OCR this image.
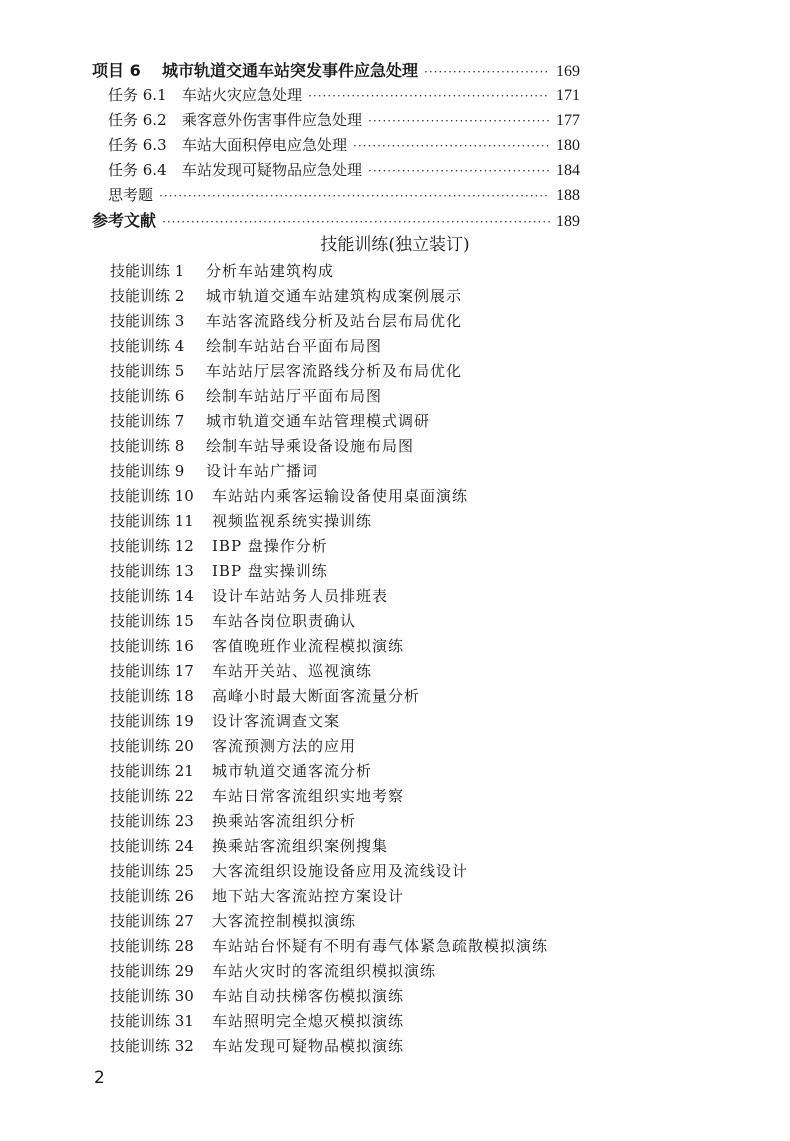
项目 6	城市轨道交通车站突发事件应急处理 ·····	169
任务 6.1	车站火灾应急处理 ·····	171
任务 6.2	乘客意外伤害事件应急处理 ·····	177
任务 6.3	车站大面积停电应急处理 ·····	180
任务 6.4	车站发现可疑物品应急处理 ·····	184
思考题 ·····	188
参考文献 ·····	189
技能训练(独立装订)
技能训练 1 分析车站建筑构成
技能训练 2 城市轨道交通车站建筑构成案例展示
技能训练 3 车站客流路线分析及站台层布局优化
技能训练 4 绘制车站站台平面布局图
技能训练 5 车站站厅层客流路线分析及布局优化
技能训练 6 绘制车站站厅平面布局图
技能训练 7 城市轨道交通车站管理模式调研
技能训练 8 绘制车站导乘设备设施布局图
技能训练 9 设计车站广播词
技能训练 10 车站站内乘客运输设备使用桌面演练
技能训练 11 视频监视系统实操训练
技能训练 12 IBP 盘操作分析
技能训练 13 IBP 盘实操训练
技能训练 14 设计车站站务人员排班表
技能训练 15 车站各岗位职责确认
技能训练 16 客值晚班作业流程模拟演练
技能训练 17 车站开关站、巡视演练
技能训练 18 高峰小时最大断面客流量分析
技能训练 19 设计客流调查文案
技能训练 20 客流预测方法的应用
技能训练 21 城市轨道交通客流分析
技能训练 22 车站日常客流组织实地考察
技能训练 23 换乘站客流组织分析
技能训练 24 换乘站客流组织案例搜集
技能训练 25 大客流组织设施设备应用及流线设计
技能训练 26 地下站大客流站控方案设计
技能训练 27 大客流控制模拟演练
技能训练 28 车站站台怀疑有不明有毒气体紧急疏散模拟演练
技能训练 29 车站火灾时的客流组织模拟演练
技能训练 30 车站自动扶梯客伤模拟演练
技能训练 31 车站照明完全熄灭模拟演练
技能训练 32 车站发现可疑物品模拟演练
2
